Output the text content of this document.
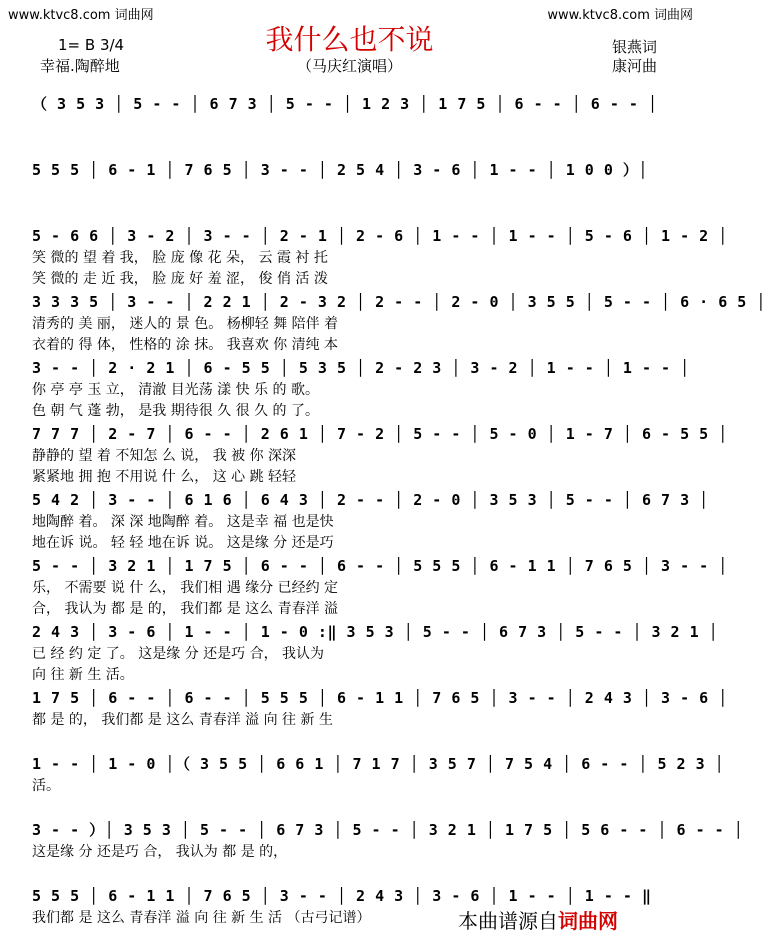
www.ktvc8.com 词曲网	www.ktvc8.com 词曲网
我什么也不说
1= B 3/4
幸福.陶醉地	（马庆红演唱）
银燕词
康河曲
（ 3 5 3 │ 5 - - │ 6 7 3 │ 5 - - │ 1 2 3 │ 1 7 5 │ 6 - - │ 6 - - │
5 5 5 │ 6 - 1 │ 7 6 5 │ 3 - - │ 2 5 4 │ 3 - 6 │ 1 - - │ 1 0 0 ）│
5 - 6 6 │ 3 - 2 │ 3 - - │ 2 - 1 │ 2 - 6 │ 1 - - │ 1 - - │ 5 - 6 │ 1 - 2 │
笑 微的 望 着 我， 脸 庞 像 花 朵， 云 霞 衬 托
笑 微的 走 近 我， 脸 庞 好 羞 涩， 俊 俏 活 泼
3 3 3 5 │ 3 - - │ 2 2 1 │ 2 - 3 2 │ 2 - - │ 2 - 0 │ 3 5 5 │ 5 - - │ 6 · 6 5 │
清秀的 美 丽， 迷人的 景 色。 杨柳轻 舞 陪伴 着
衣着的 得 体， 性格的 涂 抹。 我喜欢 你 清纯 本
3 - - │ 2 · 2 1 │ 6 - 5 5 │ 5 3 5 │ 2 - 2 3 │ 3 - 2 │ 1 - - │ 1 - - │
你 亭 亭 玉 立， 清澈 目光荡 漾 快 乐 的 歌。
色 朝 气 蓬 勃， 是我 期待很 久 很 久 的 了。
7 7 7 │ 2 - 7 │ 6 - - │ 2 6 1 │ 7 - 2 │ 5 - - │ 5 - 0 │ 1 - 7 │ 6 - 5 5 │
静静的 望 着 不知怎 么 说， 我 被 你 深深
紧紧地 拥 抱 不用说 什 么， 这 心 跳 轻轻
5 4 2 │ 3 - - │ 6 1 6 │ 6 4 3 │ 2 - - │ 2 - 0 │ 3 5 3 │ 5 - - │ 6 7 3 │
地陶醉 着。 深 深 地陶醉 着。 这是幸 福 也是快
地在诉 说。 轻 轻 地在诉 说。 这是缘 分 还是巧
5 - - │ 3 2 1 │ 1 7 5 │ 6 - - │ 6 - - │ 5 5 5 │ 6 - 1 1 │ 7 6 5 │ 3 - - │
乐， 不需要 说 什 么， 我们相 遇 缘分 已经约 定
合， 我认为 都 是 的， 我们都 是 这么 青春洋 溢
2 4 3 │ 3 - 6 │ 1 - - │ 1 - 0 :‖ 3 5 3 │ 5 - - │ 6 7 3 │ 5 - - │ 3 2 1 │
已 经 约 定 了。 这是缘 分 还是巧 合， 我认为
向 往 新 生 活。
1 7 5 │ 6 - - │ 6 - - │ 5 5 5 │ 6 - 1 1 │ 7 6 5 │ 3 - - │ 2 4 3 │ 3 - 6 │
都 是 的， 我们都 是 这么 青春洋 溢 向 往 新 生
1 - - │ 1 - 0 │（ 3 5 5 │ 6 6 1 │ 7 1 7 │ 3 5 7 │ 7 5 4 │ 6 - - │ 5 2 3 │
活。
3 - - ）│ 3 5 3 │ 5 - - │ 6 7 3 │ 5 - - │ 3 2 1 │ 1 7 5 │ 5 6 - - │ 6 - - │
这是缘 分 还是巧 合， 我认为 都 是 的，
5 5 5 │ 6 - 1 1 │ 7 6 5 │ 3 - - │ 2 4 3 │ 3 - 6 │ 1 - - │ 1 - - ‖
我们都 是 这么 青春洋 溢 向 往 新 生 活 （古弓记谱）	本曲谱源自词曲网
